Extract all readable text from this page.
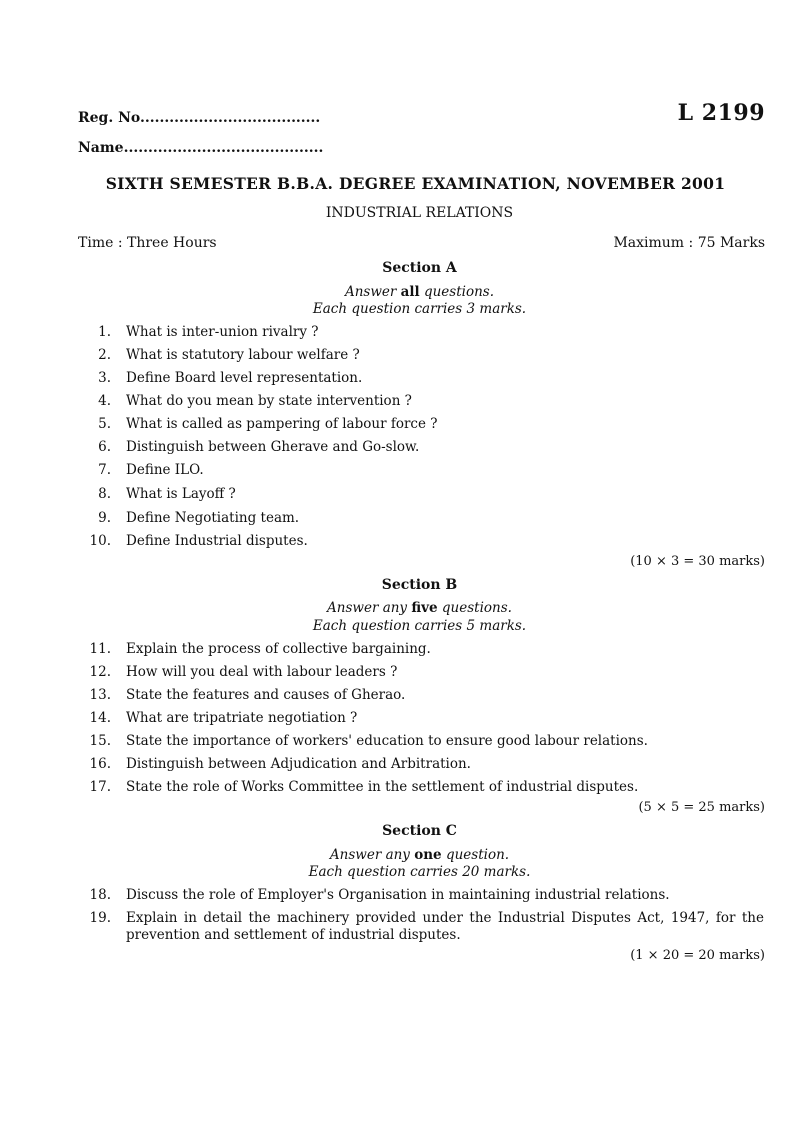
Reg. No.....................................
Name.........................................
L 2199
SIXTH SEMESTER B.B.A. DEGREE EXAMINATION, NOVEMBER 2001
INDUSTRIAL RELATIONS
Time : Three Hours	Maximum : 75 Marks
Section A
Answer all questions.
Each question carries 3 marks.
1. What is inter-union rivalry ?
2. What is statutory labour welfare ?
3. Define Board level representation.
4. What do you mean by state intervention ?
5. What is called as pampering of labour force ?
6. Distinguish between Gherave and Go-slow.
7. Define ILO.
8. What is Layoff ?
9. Define Negotiating team.
10. Define Industrial disputes.
(10 × 3 = 30 marks)
Section B
Answer any five questions.
Each question carries 5 marks.
11. Explain the process of collective bargaining.
12. How will you deal with labour leaders ?
13. State the features and causes of Gherao.
14. What are tripatriate negotiation ?
15. State the importance of workers' education to ensure good labour relations.
16. Distinguish between Adjudication and Arbitration.
17. State the role of Works Committee in the settlement of industrial disputes.
(5 × 5 = 25 marks)
Section C
Answer any one question.
Each question carries 20 marks.
18. Discuss the role of Employer's Organisation in maintaining industrial relations.
19. Explain in detail the machinery provided under the Industrial Disputes Act, 1947, for the prevention and settlement of industrial disputes.
(1 × 20 = 20 marks)
